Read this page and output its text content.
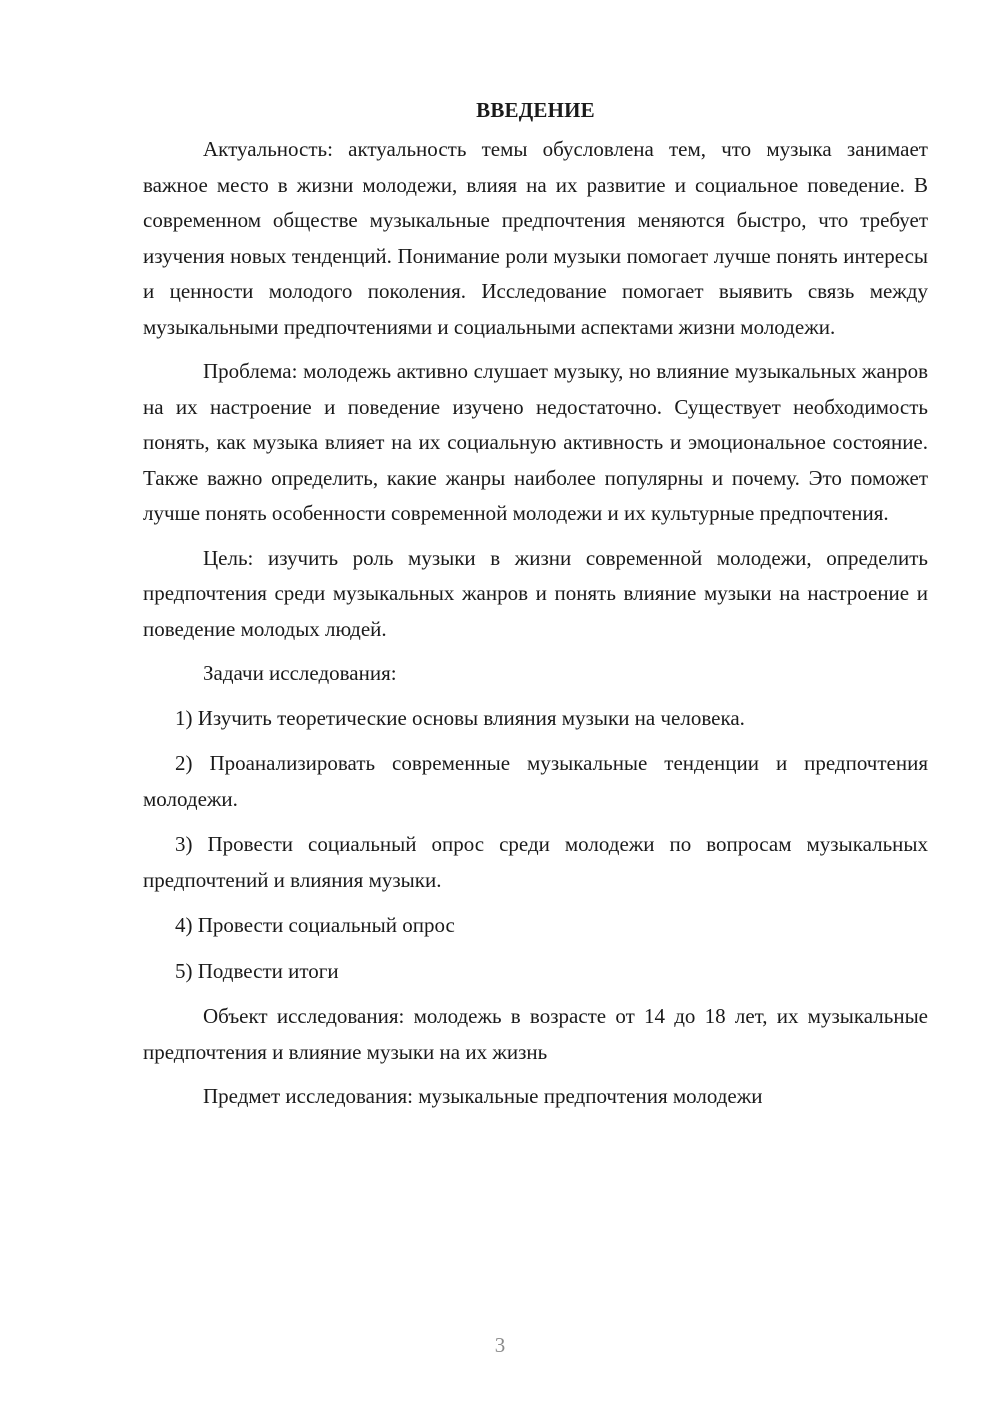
ВВЕДЕНИЕ

Актуальность: актуальность темы обусловлена тем, что музыка занимает важное место в жизни молодежи, влияя на их развитие и социальное поведение. В современном обществе музыкальные предпочтения меняются быстро, что требует изучения новых тенденций. Понимание роли музыки помогает лучше понять интересы и ценности молодого поколения. Исследование помогает выявить связь между музыкальными предпочтениями и социальными аспектами жизни молодежи.

Проблема: молодежь активно слушает музыку, но влияние музыкальных жанров на их настроение и поведение изучено недостаточно. Существует необходимость понять, как музыка влияет на их социальную активность и эмоциональное состояние. Также важно определить, какие жанры наиболее популярны и почему. Это поможет лучше понять особенности современной молодежи и их культурные предпочтения.

Цель: изучить роль музыки в жизни современной молодежи, определить предпочтения среди музыкальных жанров и понять влияние музыки на настроение и поведение молодых людей.

Задачи исследования:

1) Изучить теоретические основы влияния музыки на человека.

2) Проанализировать современные музыкальные тенденции и предпочтения молодежи.

3) Провести социальный опрос среди молодежи по вопросам музыкальных предпочтений и влияния музыки.

4) Провести социальный опрос

5) Подвести итоги

Объект исследования: молодежь в возрасте от 14 до 18 лет, их музыкальные предпочтения и влияние музыки на их жизнь

Предмет исследования: музыкальные предпочтения молодежи

3
